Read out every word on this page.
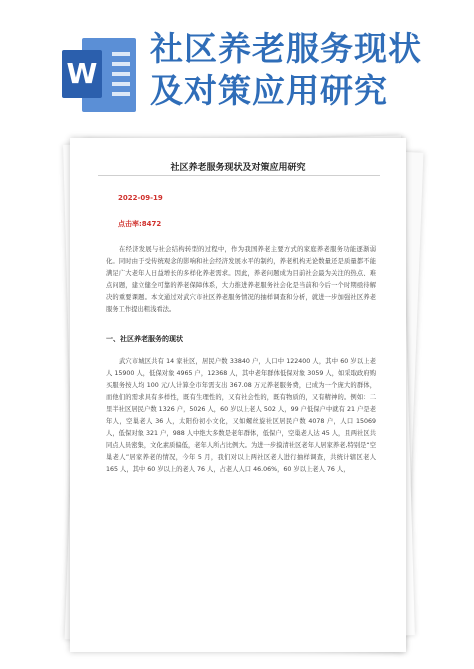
W
社区养老服务现状
及对策应用研究
社区养老服务现状及对策应用研究
2022-09-19
点击率:8472

在经济发展与社会结构转型的过程中，作为我国养老主要方式的家庭养老服务功能逐渐弱化。同时由于受传统观念的影响和社会经济发展水平的制约，养老机构无论数量还是质量都不能满足广大老年人日益增长的多样化养老需求。因此，养老问题成为目前社会最为关注的热点、难点问题，建立健全可靠的养老保障体系，大力推进养老服务社会化是当前和今后一个时期亟待解决的重要课题。本文通过对武穴市社区养老服务情况的抽样调查和分析，就进一步加强社区养老服务工作提出粗浅看法。

一、社区养老服务的现状

武穴市城区共有 14 家社区，居民户数 33840 户，人口中 122400 人，其中 60 岁以上老人 15900 人，低保对象 4965 户，12368 人，其中老年群体低保对象 3059 人，如采取政府购买服务按人均 100 元/人计算全市年需支出 367.08 万元养老服务费，已成为一个庞大的群体，而他们的需求具有多样性，既有生理性的，又有社会性的，既有物质的，又有精神的。例如：二里半社区居民户数 1326 户，5026 人，60 岁以上老人 502 人，99 户低保户中就有 21 户是老年人，空巢老人 36 人，太阳份初小文化，又如螺丝旋社区居民户数 4078 户，人口 15069 人，低保对象 321 户，988 人中绝大多数是老年群体，低保户，空巢老人达 45 人，且两社区共同点人员密集，文化素质偏低，老年人所占比例大。为进一步摸清社区老年人居家养老,特别是“空巢老人”居家养老的情况，今年 5 月，我们对以上两社区老人进行抽样调查，共统计辖区老人 165 人，其中 60 岁以上的老人 76 人，占老人人口 46.06%，60 岁以上老人 76 人，
